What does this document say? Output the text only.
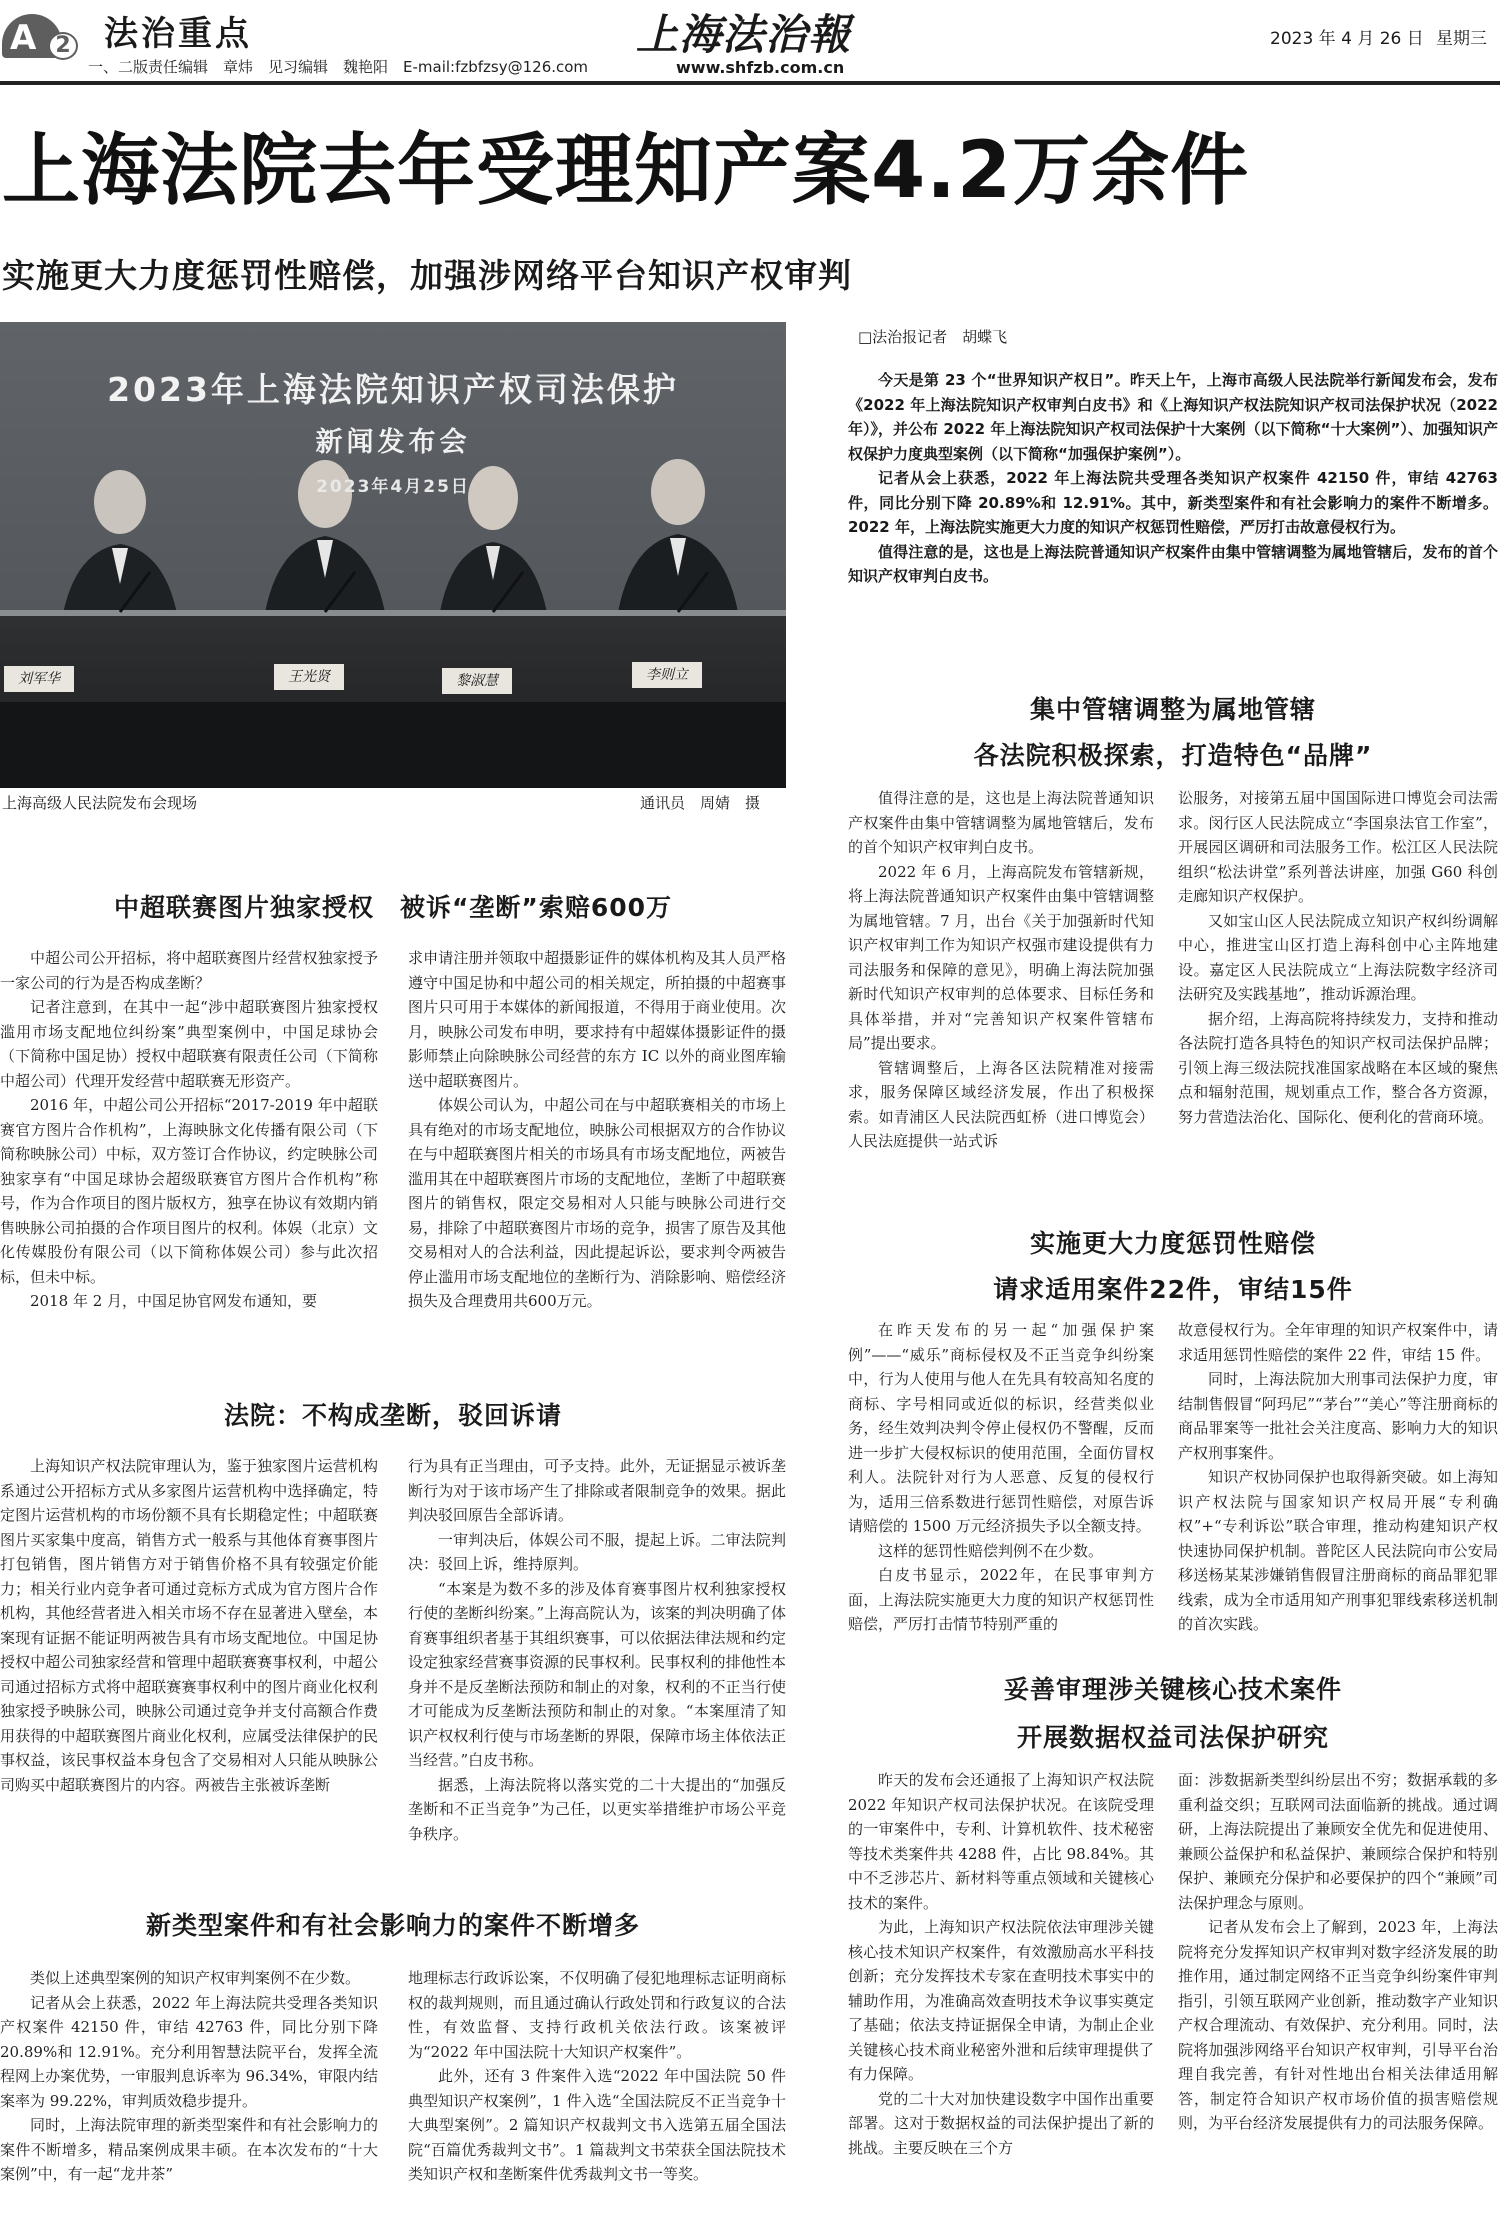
A 2 法治重点
一、二版责任编辑　章炜　见习编辑　魏艳阳　E-mail:fzbfzsy@126.com
上海法治報
www.shfzb.com.cn
2023 年 4 月 26 日 星期三
上海法院去年受理知产案4.2万余件
实施更大力度惩罚性赔偿，加强涉网络平台知识产权审判
2023年上海法院知识产权司法保护
新闻发布会
2023年4月25日
刘军华	王光贤	黎淑慧	李则立
上海高级人民法院发布会现场	通讯员　周婧　摄
□法治报记者　胡蝶飞

今天是第 23 个“世界知识产权日”。昨天上午，上海市高级人民法院举行新闻发布会，发布《2022 年上海法院知识产权审判白皮书》和《上海知识产权法院知识产权司法保护状况（2022 年）》，并公布 2022 年上海法院知识产权司法保护十大案例（以下简称“十大案例”）、加强知识产权保护力度典型案例（以下简称“加强保护案例”）。

记者从会上获悉，2022 年上海法院共受理各类知识产权案件 42150 件，审结 42763 件，同比分别下降 20.89%和 12.91%。其中，新类型案件和有社会影响力的案件不断增多。2022 年，上海法院实施更大力度的知识产权惩罚性赔偿，严厉打击故意侵权行为。

值得注意的是，这也是上海法院普通知识产权案件由集中管辖调整为属地管辖后，发布的首个知识产权审判白皮书。

集中管辖调整为属地管辖
各法院积极探索，打造特色“品牌”

值得注意的是，这也是上海法院普通知识产权案件由集中管辖调整为属地管辖后，发布的首个知识产权审判白皮书。

2022 年 6 月，上海高院发布管辖新规，将上海法院普通知识产权案件由集中管辖调整为属地管辖。7 月，出台《关于加强新时代知识产权审判工作为知识产权强市建设提供有力司法服务和保障的意见》，明确上海法院加强新时代知识产权审判的总体要求、目标任务和具体举措，并对“完善知识产权案件管辖布局”提出要求。

管辖调整后，上海各区法院精准对接需求，服务保障区域经济发展，作出了积极探索。如青浦区人民法院西虹桥（进口博览会）人民法庭提供一站式诉

讼服务，对接第五届中国国际进口博览会司法需求。闵行区人民法院成立“李国泉法官工作室”，开展园区调研和司法服务工作。松江区人民法院组织“松法讲堂”系列普法讲座，加强 G60 科创走廊知识产权保护。

又如宝山区人民法院成立知识产权纠纷调解中心，推进宝山区打造上海科创中心主阵地建设。嘉定区人民法院成立“上海法院数字经济司法研究及实践基地”，推动诉源治理。

据介绍，上海高院将持续发力，支持和推动各法院打造各具特色的知识产权司法保护品牌；引领上海三级法院找准国家战略在本区域的聚焦点和辐射范围，规划重点工作，整合各方资源，努力营造法治化、国际化、便利化的营商环境。

中超联赛图片独家授权　被诉“垄断”索赔600万

中超公司公开招标，将中超联赛图片经营权独家授予一家公司的行为是否构成垄断？

记者注意到，在其中一起“涉中超联赛图片独家授权滥用市场支配地位纠纷案”典型案例中，中国足球协会（下简称中国足协）授权中超联赛有限责任公司（下简称中超公司）代理开发经营中超联赛无形资产。

2016 年，中超公司公开招标“2017-2019 年中超联赛官方图片合作机构”，上海映脉文化传播有限公司（下简称映脉公司）中标，双方签订合作协议，约定映脉公司独家享有“中国足球协会超级联赛官方图片合作机构”称号，作为合作项目的图片版权方，独享在协议有效期内销售映脉公司拍摄的合作项目图片的权利。体娱（北京）文化传媒股份有限公司（以下简称体娱公司）参与此次招标，但未中标。

2018 年 2 月，中国足协官网发布通知，要

求申请注册并领取中超摄影证件的媒体机构及其人员严格遵守中国足协和中超公司的相关规定，所拍摄的中超赛事图片只可用于本媒体的新闻报道，不得用于商业使用。次月，映脉公司发布申明，要求持有中超媒体摄影证件的摄影师禁止向除映脉公司经营的东方 IC 以外的商业图库输送中超联赛图片。

体娱公司认为，中超公司在与中超联赛相关的市场上具有绝对的市场支配地位，映脉公司根据双方的合作协议在与中超联赛图片相关的市场具有市场支配地位，两被告滥用其在中超联赛图片市场的支配地位，垄断了中超联赛图片的销售权，限定交易相对人只能与映脉公司进行交易，排除了中超联赛图片市场的竞争，损害了原告及其他交易相对人的合法利益，因此提起诉讼，要求判令两被告停止滥用市场支配地位的垄断行为、消除影响、赔偿经济损失及合理费用共600万元。

法院：不构成垄断，驳回诉请

上海知识产权法院审理认为，鉴于独家图片运营机构系通过公开招标方式从多家图片运营机构中选择确定，特定图片运营机构的市场份额不具有长期稳定性；中超联赛图片买家集中度高，销售方式一般系与其他体育赛事图片打包销售，图片销售方对于销售价格不具有较强定价能力；相关行业内竞争者可通过竞标方式成为官方图片合作机构，其他经营者进入相关市场不存在显著进入壁垒，本案现有证据不能证明两被告具有市场支配地位。中国足协授权中超公司独家经营和管理中超联赛赛事权利，中超公司通过招标方式将中超联赛赛事权利中的图片商业化权利独家授予映脉公司，映脉公司通过竞争并支付高额合作费用获得的中超联赛图片商业化权利，应属受法律保护的民事权益，该民事权益本身包含了交易相对人只能从映脉公司购买中超联赛图片的内容。两被告主张被诉垄断

行为具有正当理由，可予支持。此外，无证据显示被诉垄断行为对于该市场产生了排除或者限制竞争的效果。据此判决驳回原告全部诉请。

一审判决后，体娱公司不服，提起上诉。二审法院判决：驳回上诉，维持原判。

“本案是为数不多的涉及体育赛事图片权利独家授权行使的垄断纠纷案。”上海高院认为，该案的判决明确了体育赛事组织者基于其组织赛事，可以依据法律法规和约定设定独家经营赛事资源的民事权利。民事权利的排他性本身并不是反垄断法预防和制止的对象，权利的不正当行使才可能成为反垄断法预防和制止的对象。“本案厘清了知识产权权利行使与市场垄断的界限，保障市场主体依法正当经营。”白皮书称。

据悉，上海法院将以落实党的二十大提出的“加强反垄断和不正当竞争”为己任，以更实举措维护市场公平竞争秩序。

新类型案件和有社会影响力的案件不断增多

类似上述典型案例的知识产权审判案例不在少数。

记者从会上获悉，2022 年上海法院共受理各类知识产权案件 42150 件，审结 42763 件，同比分别下降 20.89%和 12.91%。充分利用智慧法院平台，发挥全流程网上办案优势，一审服判息诉率为 96.34%，审限内结案率为 99.22%，审判质效稳步提升。

同时，上海法院审理的新类型案件和有社会影响力的案件不断增多，精品案例成果丰硕。在本次发布的“十大案例”中，有一起“龙井茶”

地理标志行政诉讼案，不仅明确了侵犯地理标志证明商标权的裁判规则，而且通过确认行政处罚和行政复议的合法性，有效监督、支持行政机关依法行政。该案被评为“2022 年中国法院十大知识产权案件”。

此外，还有 3 件案件入选“2022 年中国法院 50 件典型知识产权案例”，1 件入选“全国法院反不正当竞争十大典型案例”。2 篇知识产权裁判文书入选第五届全国法院“百篇优秀裁判文书”。1 篇裁判文书荣获全国法院技术类知识产权和垄断案件优秀裁判文书一等奖。

实施更大力度惩罚性赔偿
请求适用案件22件，审结15件

在昨天发布的另一起“加强保护案例”——“威乐”商标侵权及不正当竞争纠纷案中，行为人使用与他人在先具有较高知名度的商标、字号相同或近似的标识，经营类似业务，经生效判决判令停止侵权仍不警醒，反而进一步扩大侵权标识的使用范围，全面仿冒权利人。法院针对行为人恶意、反复的侵权行为，适用三倍系数进行惩罚性赔偿，对原告诉请赔偿的 1500 万元经济损失予以全额支持。

这样的惩罚性赔偿判例不在少数。

白皮书显示，2022年，在民事审判方面，上海法院实施更大力度的知识产权惩罚性赔偿，严厉打击情节特别严重的

故意侵权行为。全年审理的知识产权案件中，请求适用惩罚性赔偿的案件 22 件，审结 15 件。

同时，上海法院加大刑事司法保护力度，审结制售假冒“阿玛尼”“茅台”“美心”等注册商标的商品罪案等一批社会关注度高、影响力大的知识产权刑事案件。

知识产权协同保护也取得新突破。如上海知识产权法院与国家知识产权局开展“专利确权”+“专利诉讼”联合审理，推动构建知识产权快速协同保护机制。普陀区人民法院向市公安局移送杨某某涉嫌销售假冒注册商标的商品罪犯罪线索，成为全市适用知产刑事犯罪线索移送机制的首次实践。

妥善审理涉关键核心技术案件
开展数据权益司法保护研究

昨天的发布会还通报了上海知识产权法院 2022 年知识产权司法保护状况。在该院受理的一审案件中，专利、计算机软件、技术秘密等技术类案件共 4288 件，占比 98.84%。其中不乏涉芯片、新材料等重点领域和关键核心技术的案件。

为此，上海知识产权法院依法审理涉关键核心技术知识产权案件，有效激励高水平科技创新；充分发挥技术专家在查明技术事实中的辅助作用，为准确高效查明技术争议事实奠定了基础；依法支持证据保全申请，为制止企业关键核心技术商业秘密外泄和后续审理提供了有力保障。

党的二十大对加快建设数字中国作出重要部署。这对于数据权益的司法保护提出了新的挑战。主要反映在三个方

面：涉数据新类型纠纷层出不穷；数据承载的多重利益交织；互联网司法面临新的挑战。通过调研，上海法院提出了兼顾安全优先和促进使用、兼顾公益保护和私益保护、兼顾综合保护和特别保护、兼顾充分保护和必要保护的四个“兼顾”司法保护理念与原则。

记者从发布会上了解到，2023 年，上海法院将充分发挥知识产权审判对数字经济发展的助推作用，通过制定网络不正当竞争纠纷案件审判指引，引领互联网产业创新，推动数字产业知识产权合理流动、有效保护、充分利用。同时，法院将加强涉网络平台知识产权审判，引导平台治理自我完善，有针对性地出台相关法律适用解答，制定符合知识产权市场价值的损害赔偿规则，为平台经济发展提供有力的司法服务保障。
